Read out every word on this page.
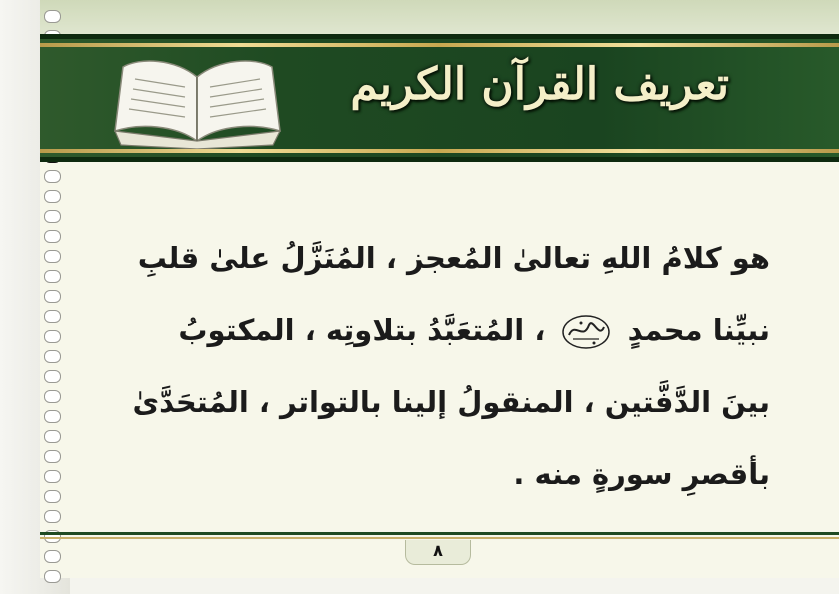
تعريف القرآن الكريم

هو كلامُ اللهِ تعالىٰ المُعجز ، المُنَزَّلُ علىٰ قلبِ

نبيِّنا محمدٍ  ، المُتعَبَّدُ بتلاوتِه ، المكتوبُ

بينَ الدَّفَّتين ، المنقولُ إلينا بالتواتر ، المُتحَدَّىٰ

بأقصرِ سورةٍ منه .

٨
